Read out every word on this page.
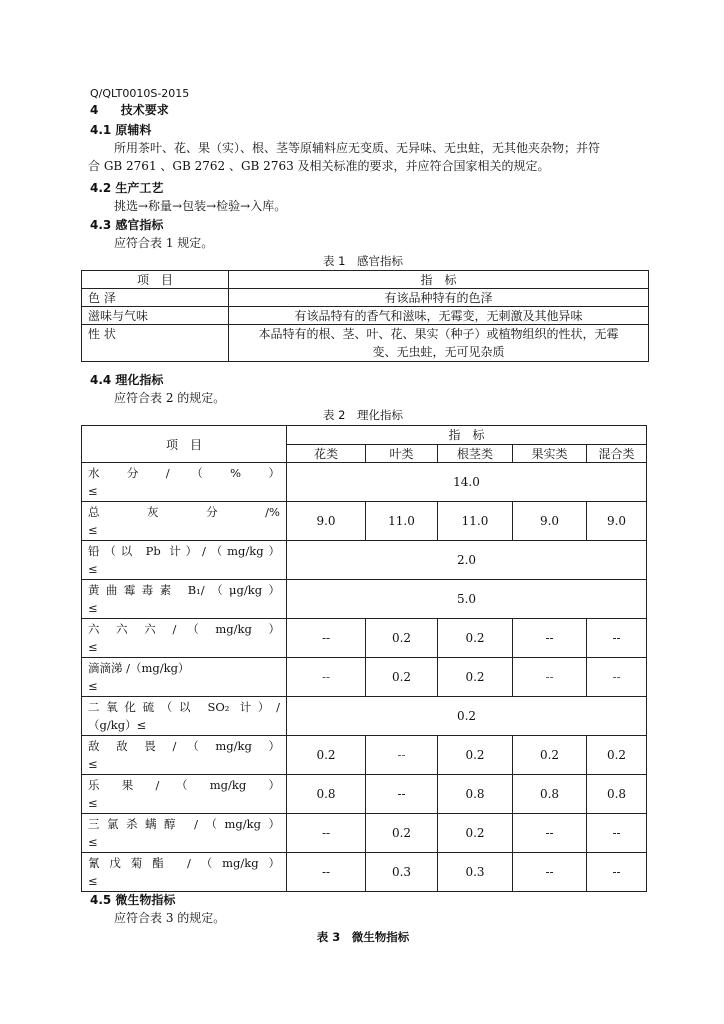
Q/QLT0010S-2015
4 技术要求
4.1 原辅料
所用茶叶、花、果（实）、根、茎等原辅料应无变质、无异味、无虫蛀，无其他夹杂物；并符
合 GB 2761 、GB 2762 、GB 2763 及相关标准的要求，并应符合国家相关的规定。
4.2 生产工艺
挑选→称量→包装→检验→入库。
4.3 感官指标
应符合表 1 规定。
表 1　感官指标
项　目	指　标
色 泽	有该品种特有的色泽
滋味与气味	有该品特有的香气和滋味，无霉变，无刺激及其他异味
性 状	本品特有的根、茎、叶、花、果实（种子）或植物组织的性状，无霉
变、无虫蛀，无可见杂质
4.4 理化指标
应符合表 2 的规定。
表 2　理化指标
项　目	指　标				
	花类	叶类	根茎类	果实类	混合类

水　分　/　（　%　）
≤	14.0				

总　灰　分　/%
≤	9.0	11.0	11.0	9.0	9.0

铅（以 Pb 计）/（mg/kg）
≤	2.0				

黄曲霉毒素 B₁/（μg/kg）
≤	5.0				

六　六　六　/　（　mg/kg　）
≤	--	0.2	0.2	--	--

滴滴涕 /（mg/kg）
≤	--	0.2	0.2	--	--

二氧化硫（以 SO₂ 计）/
（g/kg）≤	0.2				

敌　敌　畏　/　（　mg/kg　）
≤	0.2	--	0.2	0.2	0.2

乐　果　/　（　mg/kg　）
≤	0.8	--	0.8	0.8	0.8

三氯杀螨醇 /（mg/kg）
≤	--	0.2	0.2	--	--

氰戊菊酯 /（mg/kg）
≤	--	0.3	0.3	--	--
4.5 微生物指标
应符合表 3 的规定。
表 3　微生物指标
